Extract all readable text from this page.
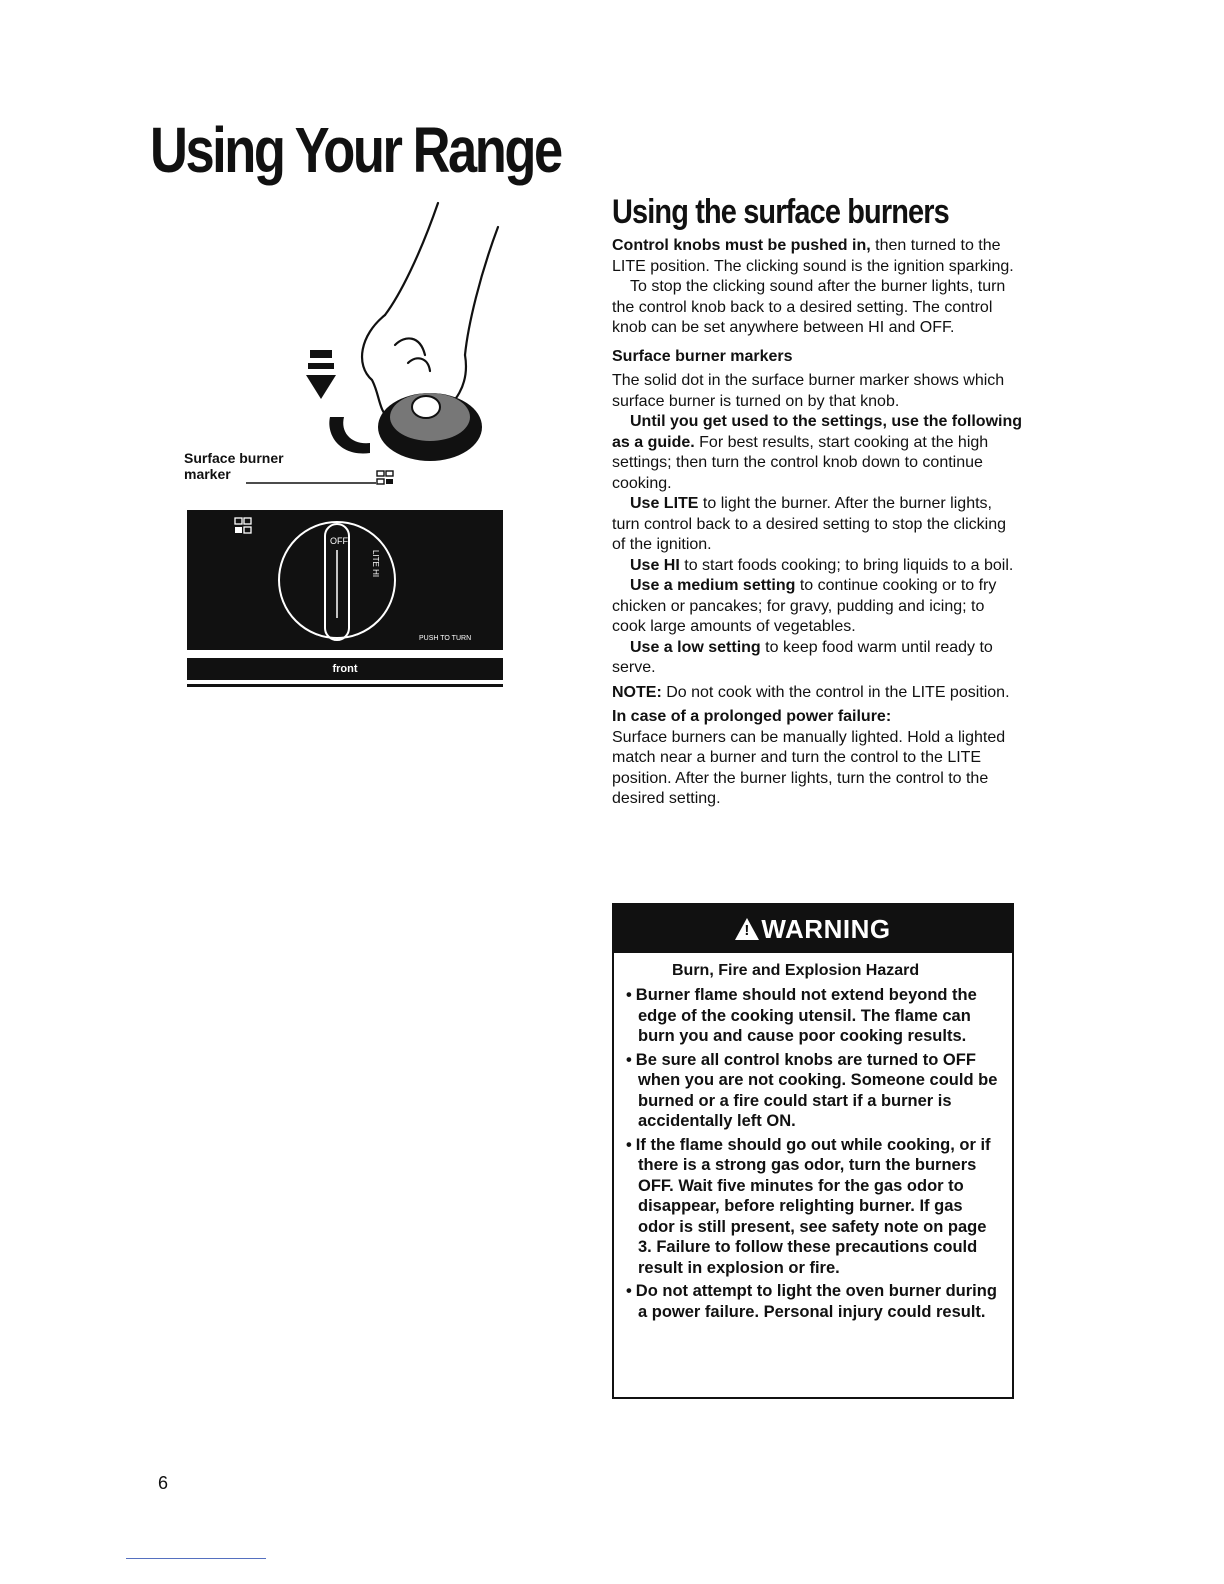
Using Your Range
Surface burner
marker
OFF
PUSH TO TURN
LITE HI
front
Using the surface burners

Control knobs must be pushed in, then turned to the LITE position. The clicking sound is the ignition sparking.

To stop the clicking sound after the burner lights, turn the control knob back to a desired setting. The control knob can be set anywhere between HI and OFF.

Surface burner markers

The solid dot in the surface burner marker shows which surface burner is turned on by that knob.

Until you get used to the settings, use the following as a guide. For best results, start cooking at the high settings; then turn the control knob down to continue cooking.

Use LITE to light the burner. After the burner lights, turn control back to a desired setting to stop the clicking of the ignition.

Use HI to start foods cooking; to bring liquids to a boil.

Use a medium setting to continue cooking or to fry chicken or pancakes; for gravy, pudding and icing; to cook large amounts of vegetables.

Use a low setting to keep food warm until ready to serve.

NOTE: Do not cook with the control in the LITE position.

In case of a prolonged power failure:

Surface burners can be manually lighted. Hold a lighted match near a burner and turn the control to the LITE position. After the burner lights, turn the control to the desired setting.

! WARNING
Burn, Fire and Explosion Hazard
• Burner flame should not extend beyond the edge of the cooking utensil. The flame can burn you and cause poor cooking results.
• Be sure all control knobs are turned to OFF when you are not cooking. Someone could be burned or a fire could start if a burner is accidentally left ON.
• If the flame should go out while cooking, or if there is a strong gas odor, turn the burners OFF. Wait five minutes for the gas odor to disappear, before relighting burner. If gas odor is still present, see safety note on page 3. Failure to follow these precautions could result in explosion or fire.
• Do not attempt to light the oven burner during a power failure. Personal injury could result.
6
